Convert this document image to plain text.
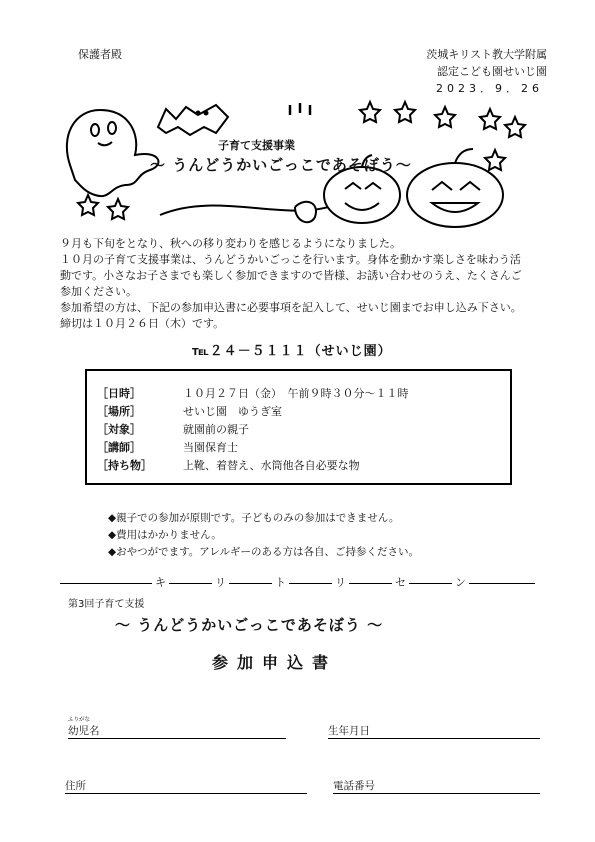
保護者殿	茨城キリスト教大学附属
認定こども園せいじ園
2023．9．26
子育て支援事業
～ うんどうかいごっこであそぼう～
９月も下旬をとなり、秋への移り変わりを感じるようになりました。
１０月の子育て支援事業は、うんどうかいごっこを行います。身体を動かす楽しさを味わう活
動です。小さなお子さまでも楽しく参加できますので皆様、お誘い合わせのうえ、たくさんご
参加ください。
参加希望の方は、下記の参加申込書に必要事項を記入して、せいじ園までお申し込み下さい。
締切は１０月２６日（木）です。
℡２４－５１１１（せいじ園）
［日時］	１０月２７日（金）　午前９時３０分～１１時
［場所］	せいじ園　ゆうぎ室
［対象］	就園前の親子
［講師］	当園保育士
［持ち物］	上靴、着替え、水筒他各自必要な物
◆親子での参加が原則です。子どものみの参加はできません。
◆費用はかかりません。
◆おやつがでます。アレルギーのある方は各自、ご持参ください。
キ	リ	ト	リ	セ	ン
第3回子育て支援
～ うんどうかいごっこであそぼう ～
参加申込書
ふりがな
幼児名	生年月日
住所	電話番号
